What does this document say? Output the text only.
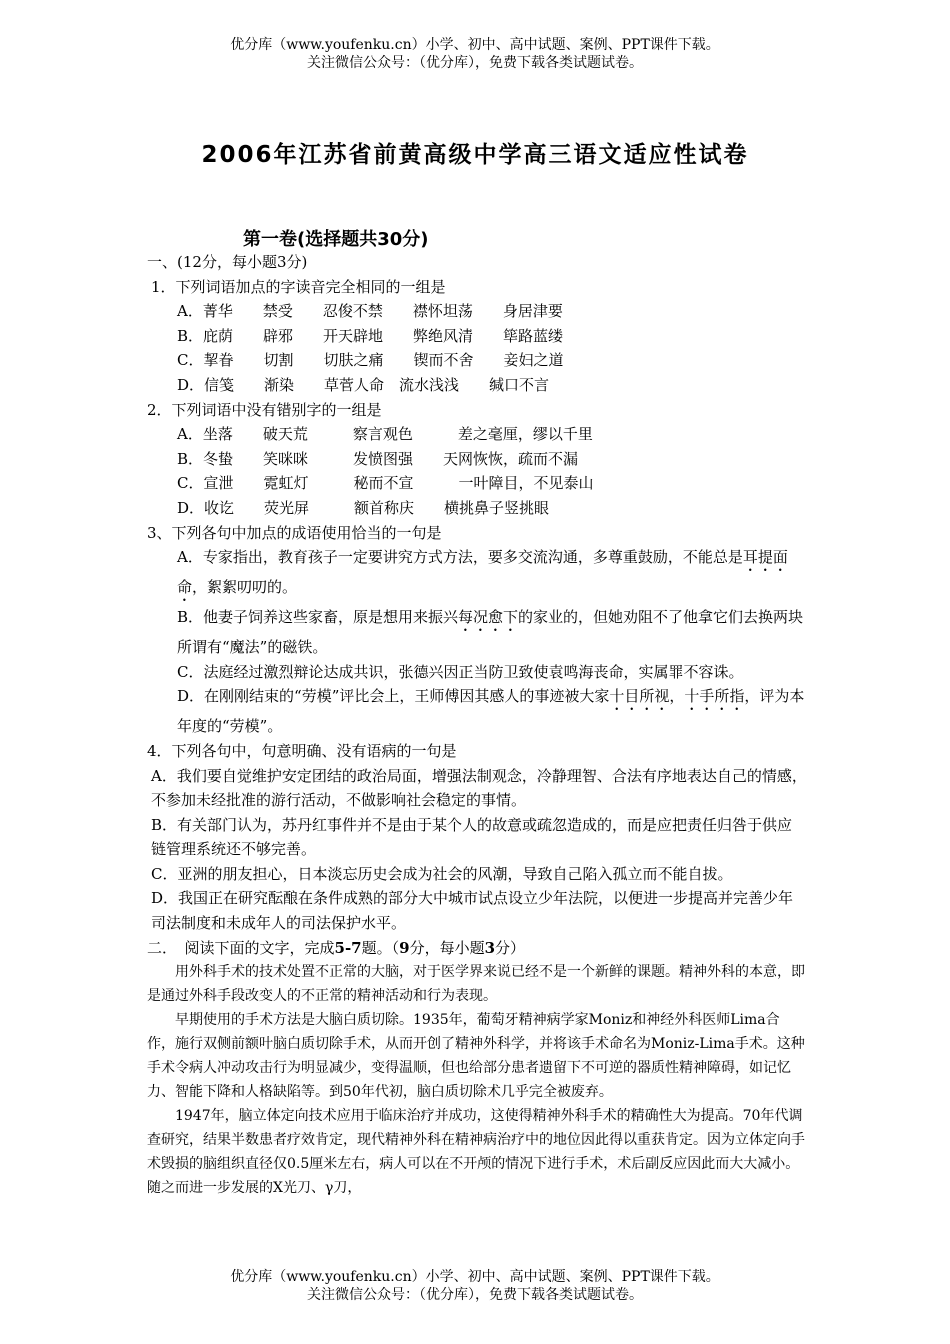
优分库（www.youfenku.cn）小学、初中、高中试题、案例、PPT课件下载。
关注微信公众号：（优分库），免费下载各类试题试卷。
2006年江苏省前黄高级中学高三语文适应性试卷
第一卷(选择题共30分)

一、(12分，每小题3分)

1．下列词语加点的字读音完全相同的一组是

A．菁华　　禁受　　忍俊不禁　　襟怀坦荡　　身居津要

B．庇荫　　辟邪　　开天辟地　　弊绝风清　　筚路蓝缕

C．挈眷　　切割　　切肤之痛　　锲而不舍　　妾妇之道

D．信笺　　渐染　　草菅人命　流水浅浅　　缄口不言

2．下列词语中没有错别字的一组是

A．坐落　　破天荒　　　察言观色　　　差之毫厘，缪以千里

B．冬蛰　　笑咪咪　　　发愤图强　　天网恢恢，疏而不漏

C．宣泄　　霓虹灯　　　秘而不宣　　　一叶障目，不见泰山

D．收讫　　荧光屏　　　额首称庆　　横挑鼻子竖挑眼

3、下列各句中加点的成语使用恰当的一句是

A．专家指出，教育孩子一定要讲究方式方法，要多交流沟通，多尊重鼓励，不能总是耳提面命，絮絮叨叨的。

B．他妻子饲养这些家畜，原是想用来振兴每况愈下的家业的，但她劝阻不了他拿它们去换两块所谓有“魔法”的磁铁。

C．法庭经过激烈辩论达成共识，张德兴因正当防卫致使袁鸣海丧命，实属罪不容诛。

D．在刚刚结束的“劳模”评比会上，王师傅因其感人的事迹被大家十目所视，十手所指，评为本年度的“劳模”。

4．下列各句中，句意明确、没有语病的一句是

A．我们要自觉维护安定团结的政治局面，增强法制观念，冷静理智、合法有序地表达自己的情感，不参加未经批准的游行活动，不做影响社会稳定的事情。

B．有关部门认为，苏丹红事件并不是由于某个人的故意或疏忽造成的，而是应把责任归咎于供应链管理系统还不够完善。

C．亚洲的朋友担心，日本淡忘历史会成为社会的风潮，导致自己陷入孤立而不能自拔。

D．我国正在研究酝酿在条件成熟的部分大中城市试点设立少年法院，以便进一步提高并完善少年司法制度和未成年人的司法保护水平。

二．　阅读下面的文字，完成5-7题。（9分，每小题3分）

用外科手术的技术处置不正常的大脑，对于医学界来说已经不是一个新鲜的课题。精神外科的本意，即是通过外科手段改变人的不正常的精神活动和行为表现。

早期使用的手术方法是大脑白质切除。1935年，葡萄牙精神病学家Moniz和神经外科医师Lima合作，施行双侧前额叶脑白质切除手术，从而开创了精神外科学，并将该手术命名为Moniz-Lima手术。这种手术令病人冲动攻击行为明显减少，变得温顺，但也给部分患者遗留下不可逆的器质性精神障碍，如记忆力、智能下降和人格缺陷等。到50年代初，脑白质切除术几乎完全被废弃。

1947年，脑立体定向技术应用于临床治疗并成功，这使得精神外科手术的精确性大为提高。70年代调查研究，结果半数患者疗效肯定，现代精神外科在精神病治疗中的地位因此得以重获肯定。因为立体定向手术毁损的脑组织直径仅0.5厘米左右，病人可以在不开颅的情况下进行手术，术后副反应因此而大大减小。随之而进一步发展的X光刀、γ刀，

优分库（www.youfenku.cn）小学、初中、高中试题、案例、PPT课件下载。
关注微信公众号：（优分库），免费下载各类试题试卷。
